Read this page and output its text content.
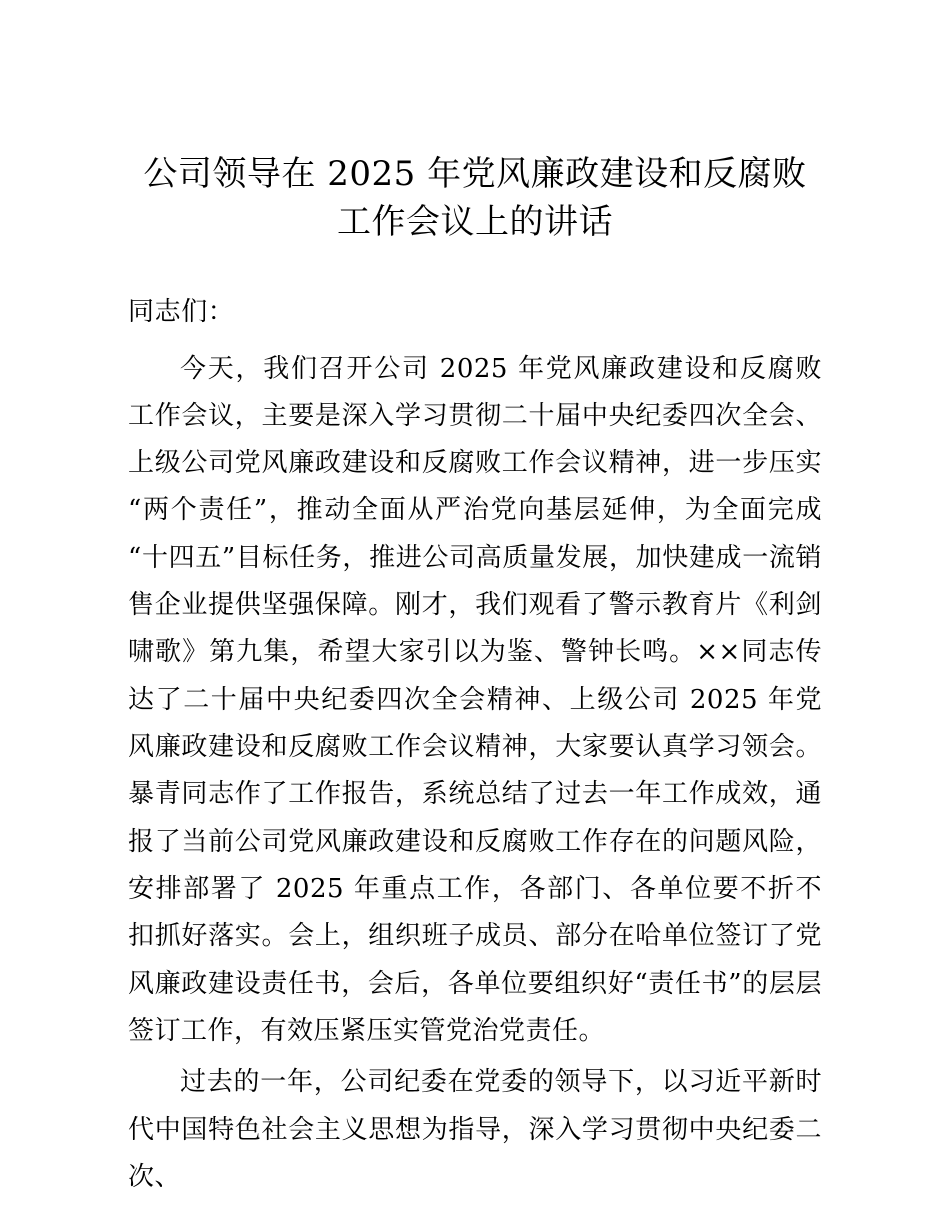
公司领导在 2025 年党风廉政建设和反腐败工作会议上的讲话

同志们：

今天，我们召开公司 2025 年党风廉政建设和反腐败工作会议，主要是深入学习贯彻二十届中央纪委四次全会、上级公司党风廉政建设和反腐败工作会议精神，进一步压实“两个责任”，推动全面从严治党向基层延伸，为全面完成“十四五”目标任务，推进公司高质量发展，加快建成一流销售企业提供坚强保障。刚才，我们观看了警示教育片《利剑啸歌》第九集，希望大家引以为鉴、警钟长鸣。××同志传达了二十届中央纪委四次全会精神、上级公司 2025 年党风廉政建设和反腐败工作会议精神，大家要认真学习领会。暴青同志作了工作报告，系统总结了过去一年工作成效，通报了当前公司党风廉政建设和反腐败工作存在的问题风险，安排部署了 2025 年重点工作，各部门、各单位要不折不扣抓好落实。会上，组织班子成员、部分在哈单位签订了党风廉政建设责任书，会后，各单位要组织好“责任书”的层层签订工作，有效压紧压实管党治党责任。

过去的一年，公司纪委在党委的领导下，以习近平新时代中国特色社会主义思想为指导，深入学习贯彻中央纪委二次、
